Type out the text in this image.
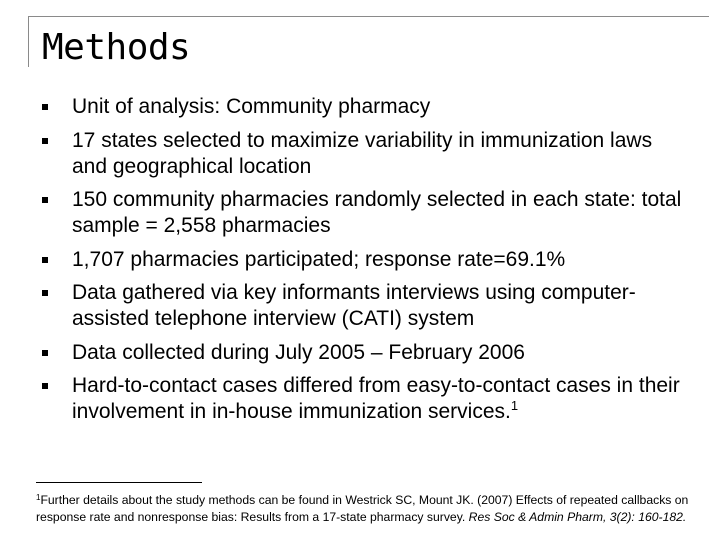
Methods
Unit of analysis: Community pharmacy
17 states selected to maximize variability in immunization laws and geographical location
150 community pharmacies randomly selected in each state: total sample = 2,558 pharmacies
1,707 pharmacies participated; response rate=69.1%
Data gathered via key informants interviews using computer-assisted telephone interview (CATI) system
Data collected during July 2005 – February 2006
Hard-to-contact cases differed from easy-to-contact cases in their involvement in in-house immunization services.$^1$
$^1$Further details about the study methods can be found in Westrick SC, Mount JK. (2007) Effects of repeated callbacks on response rate and nonresponse bias: Results from a 17-state pharmacy survey. Res Soc & Admin Pharm, 3(2): 160-182.
